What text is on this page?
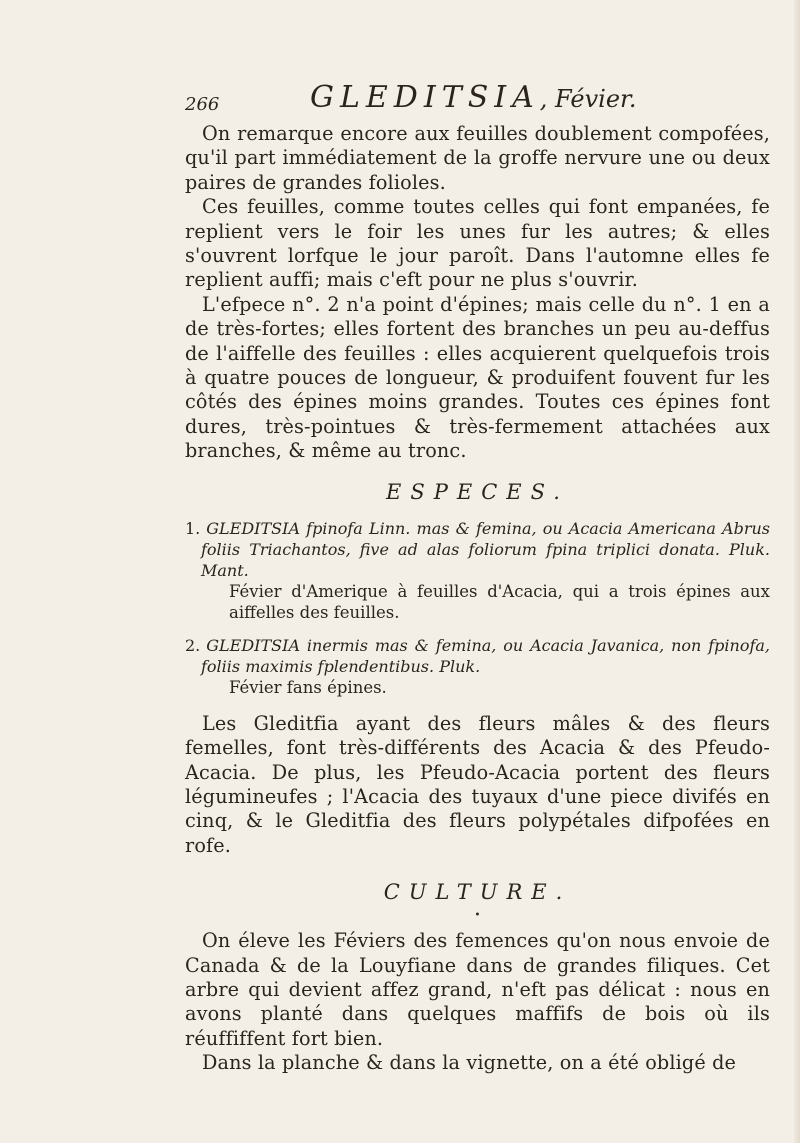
266	GLEDITSIA, Févier.

On remarque encore aux feuilles doublement compofées, qu'il part immédiatement de la groffe nervure une ou deux paires de grandes folioles.

Ces feuilles, comme toutes celles qui font empanées, fe replient vers le foir les unes fur les autres; & elles s'ouvrent lorfque le jour paroît. Dans l'automne elles fe replient auffi; mais c'eft pour ne plus s'ouvrir.

L'efpece n°. 2 n'a point d'épines; mais celle du n°. 1 en a de très-fortes; elles fortent des branches un peu au-deffus de l'aiffelle des feuilles : elles acquierent quelquefois trois à quatre pouces de longueur, & produifent fouvent fur les côtés des épines moins grandes. Toutes ces épines font dures, très-pointues & très-fermement attachées aux branches, & même au tronc.

ESPECES.
1. GLEDITSIA fpinofa Linn. mas & femina, ou Acacia Americana Abrus foliis Triachantos, five ad alas foliorum fpina triplici donata. Pluk. Mant.
Févier d'Amerique à feuilles d'Acacia, qui a trois épines aux aiffelles des feuilles.
2. GLEDITSIA inermis mas & femina, ou Acacia Javanica, non fpinofa, foliis maximis fplendentibus. Pluk.
Févier fans épines.

Les Gleditfia ayant des fleurs mâles & des fleurs femelles, font très-différents des Acacia & des Pfeudo-Acacia. De plus, les Pfeudo-Acacia portent des fleurs légumineufes ; l'Acacia des tuyaux d'une piece divifés en cinq, & le Gleditfia des fleurs polypétales difpofées en rofe.

CULTURE.
•

On éleve les Féviers des femences qu'on nous envoie de Canada & de la Louyfiane dans de grandes filiques. Cet arbre qui devient affez grand, n'eft pas délicat : nous en avons planté dans quelques maffifs de bois où ils réuffiffent fort bien.

Dans la planche & dans la vignette, on a été obligé de
